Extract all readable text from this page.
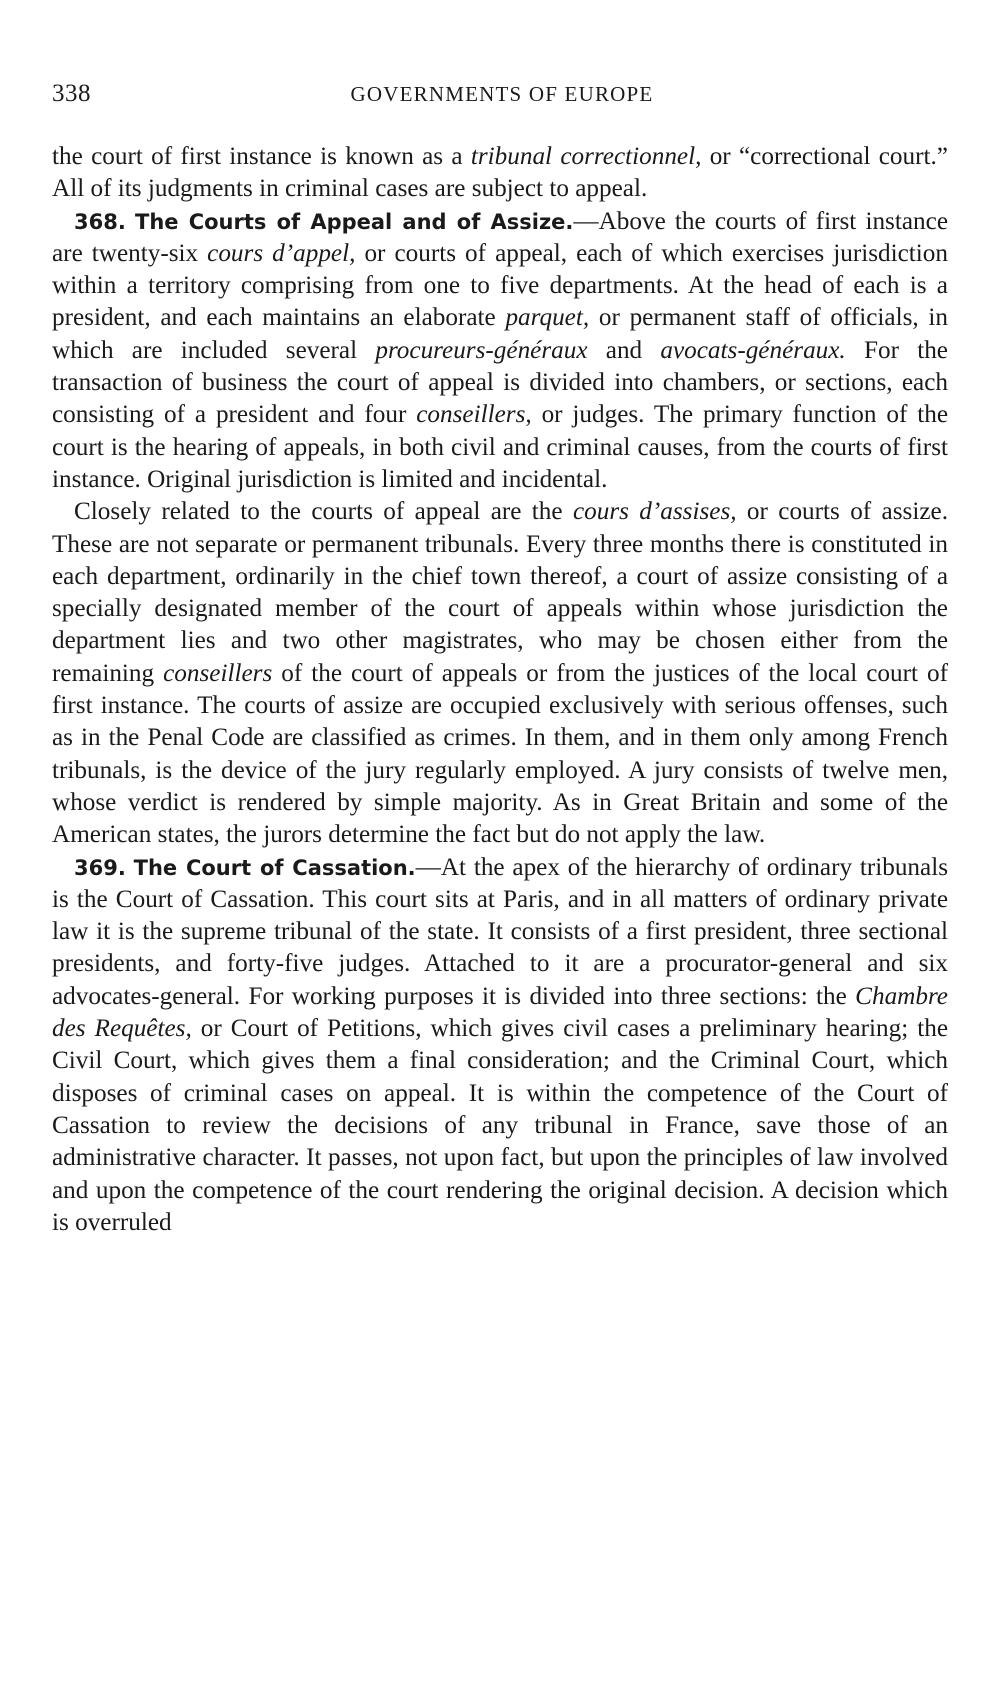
338	GOVERNMENTS OF EUROPE

the court of first instance is known as a tribunal correctionnel, or “correctional court.” All of its judgments in criminal cases are subject to appeal.

368. The Courts of Appeal and of Assize.—Above the courts of first instance are twenty-six cours d’appel, or courts of appeal, each of which exercises jurisdiction within a territory comprising from one to five departments. At the head of each is a president, and each maintains an elaborate parquet, or permanent staff of officials, in which are included several procureurs-généraux and avocats-généraux. For the transaction of business the court of appeal is divided into chambers, or sections, each consisting of a president and four conseillers, or judges. The primary function of the court is the hearing of appeals, in both civil and criminal causes, from the courts of first instance. Original jurisdiction is limited and incidental.

Closely related to the courts of appeal are the cours d’assises, or courts of assize. These are not separate or permanent tribunals. Every three months there is constituted in each department, ordinarily in the chief town thereof, a court of assize consisting of a specially designated member of the court of appeals within whose jurisdiction the department lies and two other magistrates, who may be chosen either from the remaining conseillers of the court of appeals or from the justices of the local court of first instance. The courts of assize are occupied exclusively with serious offenses, such as in the Penal Code are classified as crimes. In them, and in them only among French tribunals, is the device of the jury regularly employed. A jury consists of twelve men, whose verdict is rendered by simple majority. As in Great Britain and some of the American states, the jurors determine the fact but do not apply the law.

369. The Court of Cassation.—At the apex of the hierarchy of ordinary tribunals is the Court of Cassation. This court sits at Paris, and in all matters of ordinary private law it is the supreme tribunal of the state. It consists of a first president, three sectional presidents, and forty-five judges. Attached to it are a procurator-general and six advocates-general. For working purposes it is divided into three sections: the Chambre des Requêtes, or Court of Petitions, which gives civil cases a preliminary hearing; the Civil Court, which gives them a final consideration; and the Criminal Court, which disposes of criminal cases on appeal. It is within the competence of the Court of Cassation to review the decisions of any tribunal in France, save those of an administrative character. It passes, not upon fact, but upon the principles of law involved and upon the competence of the court rendering the original decision. A decision which is overruled
